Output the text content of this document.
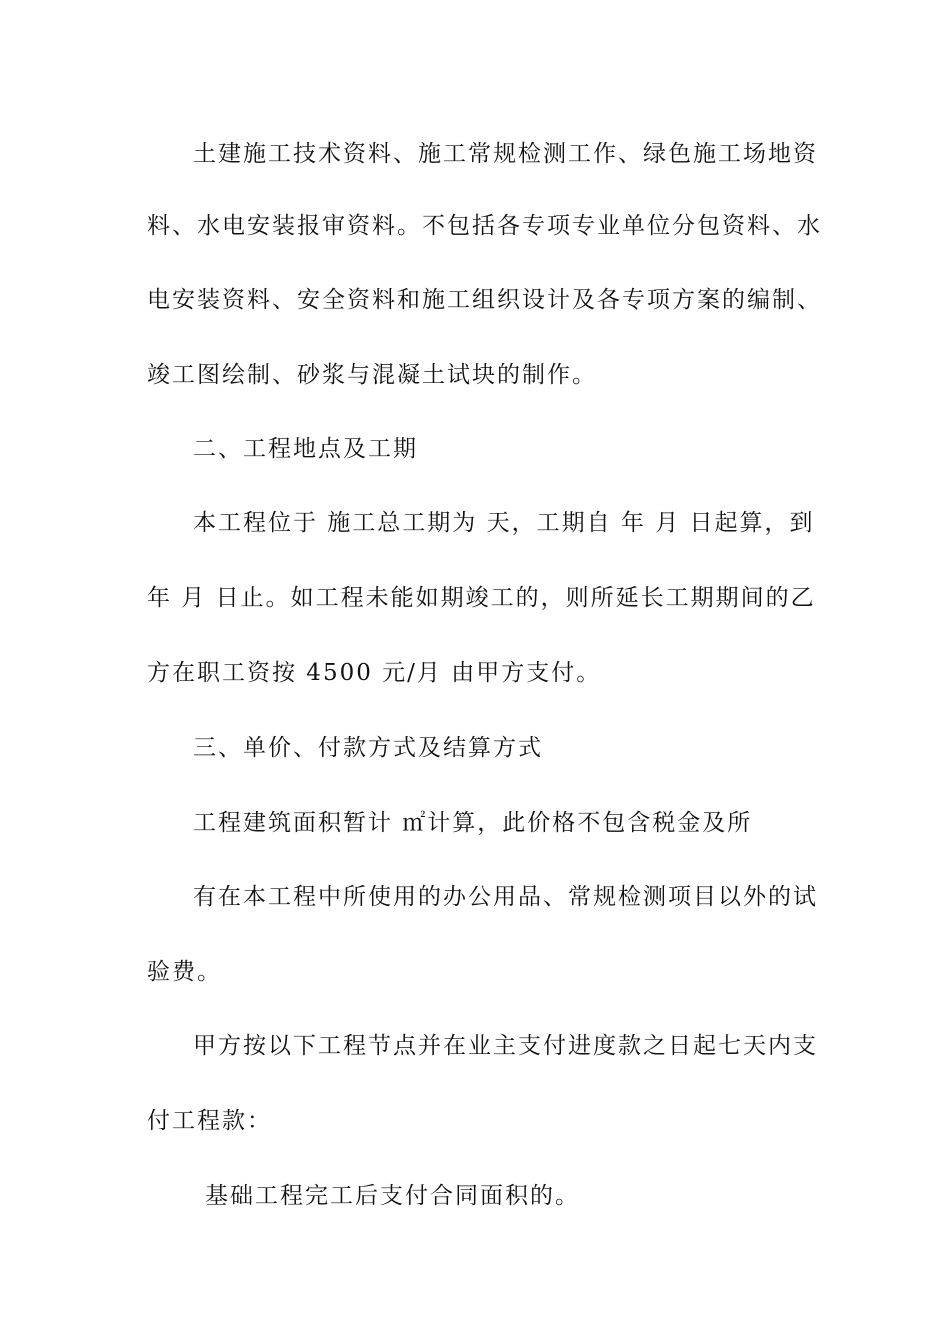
土建施工技术资料、施工常规检测工作、绿色施工场地资
料、水电安装报审资料。不包括各专项专业单位分包资料、水
电安装资料、安全资料和施工组织设计及各专项方案的编制、
竣工图绘制、砂浆与混凝土试块的制作。
二、工程地点及工期
本工程位于 施工总工期为 天，工期自 年 月 日起算，到
年 月 日止。如工程未能如期竣工的，则所延长工期期间的乙
方在职工资按 4500 元/月 由甲方支付。
三、单价、付款方式及结算方式
工程建筑面积暂计 ㎡计算，此价格不包含税金及所
有在本工程中所使用的办公用品、常规检测项目以外的试
验费。
甲方按以下工程节点并在业主支付进度款之日起七天内支
付工程款：
基础工程完工后支付合同面积的。
